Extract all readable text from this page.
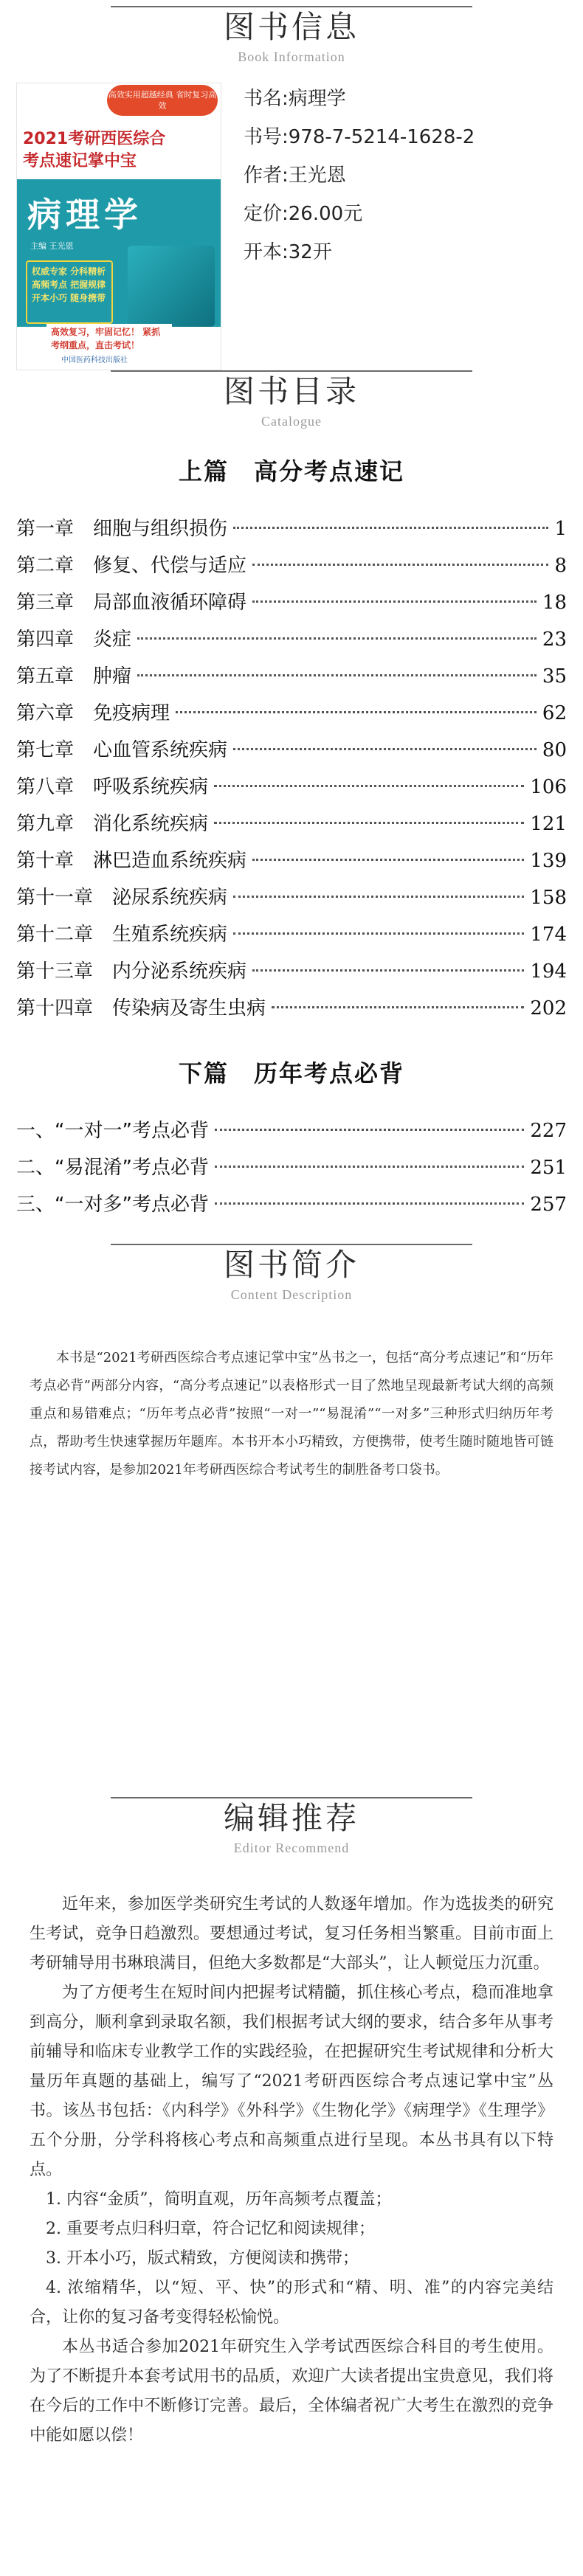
图书信息
Book Information
高效实用超越经典 省时复习高效
2021考研西医综合
考点速记掌中宝
病理学
主编 王光恩
权威专家 分科精析 高频考点 把握规律 开本小巧 随身携带
高效复习，牢固记忆！ 紧抓考纲重点，直击考试！
中国医药科技出版社
书名:病理学
书号:978-7-5214-1628-2
作者:王光恩
定价:26.00元
开本:32开
图书目录
Catalogue
上篇　高分考点速记
第一章 细胞与组织损伤	1
第二章 修复、代偿与适应	8
第三章 局部血液循环障碍	18
第四章 炎症	23
第五章 肿瘤	35
第六章 免疫病理	62
第七章 心血管系统疾病	80
第八章 呼吸系统疾病	106
第九章 消化系统疾病	121
第十章 淋巴造血系统疾病	139
第十一章 泌尿系统疾病	158
第十二章 生殖系统疾病	174
第十三章 内分泌系统疾病	194
第十四章 传染病及寄生虫病	202
下篇　历年考点必背
一、 “一对一”考点必背	227
二、 “易混淆”考点必背	251
三、 “一对多”考点必背	257
图书简介
Content Description
本书是“2021考研西医综合考点速记掌中宝”丛书之一，包括“高分考点速记”和“历年考点必背”两部分内容，“高分考点速记”以表格形式一目了然地呈现最新考试大纲的高频重点和易错难点；“历年考点必背”按照“一对一”“易混淆”“一对多”三种形式归纳历年考点，帮助考生快速掌握历年题库。本书开本小巧精致，方便携带，使考生随时随地皆可链接考试内容，是参加2021年考研西医综合考试考生的制胜备考口袋书。
编辑推荐
Editor Recommend

近年来，参加医学类研究生考试的人数逐年增加。作为选拔类的研究生考试，竞争日趋激烈。要想通过考试，复习任务相当繁重。目前市面上考研辅导用书琳琅满目，但绝大多数都是“大部头”，让人顿觉压力沉重。

为了方便考生在短时间内把握考试精髓，抓住核心考点，稳而准地拿到高分，顺利拿到录取名额，我们根据考试大纲的要求，结合多年从事考前辅导和临床专业教学工作的实践经验，在把握研究生考试规律和分析大量历年真题的基础上，编写了“2021考研西医综合考点速记掌中宝”丛书。该丛书包括：《内科学》《外科学》《生物化学》《病理学》《生理学》五个分册，分学科将核心考点和高频重点进行呈现。本丛书具有以下特点。

1. 内容“金质”，简明直观，历年高频考点覆盖；

2. 重要考点归科归章，符合记忆和阅读规律；

3. 开本小巧，版式精致，方便阅读和携带；

4. 浓缩精华，以“短、平、快”的形式和“精、明、准”的内容完美结合，让你的复习备考变得轻松愉悦。

本丛书适合参加2021年研究生入学考试西医综合科目的考生使用。为了不断提升本套考试用书的品质，欢迎广大读者提出宝贵意见，我们将在今后的工作中不断修订完善。最后，全体编者祝广大考生在激烈的竞争中能如愿以偿！
